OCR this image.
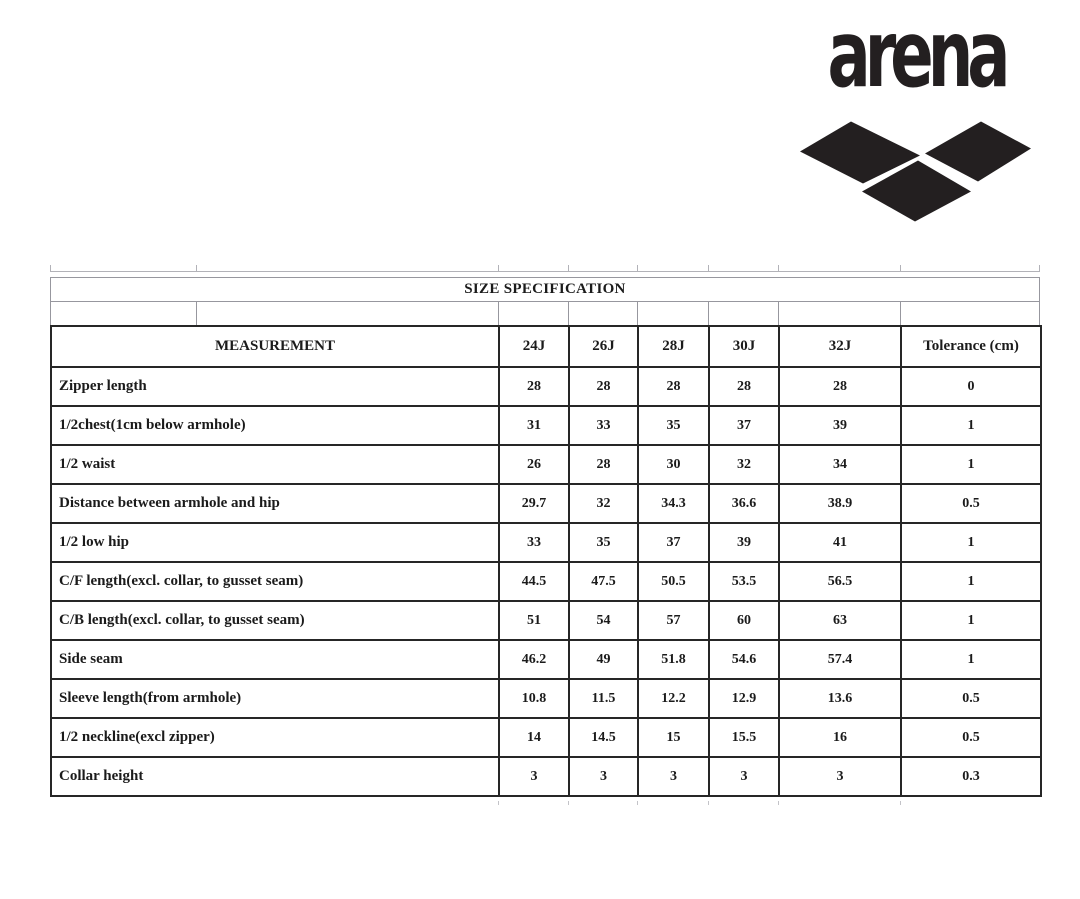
arena
SIZE SPECIFICATION
MEASUREMENT	24J	26J	28J	30J	32J	Tolerance (cm)
Zipper length	28	28	28	28	28	0
1/2chest(1cm below armhole)	31	33	35	37	39	1
1/2 waist	26	28	30	32	34	1
Distance between armhole and hip	29.7	32	34.3	36.6	38.9	0.5
1/2 low hip	33	35	37	39	41	1
C/F length(excl. collar, to gusset seam)	44.5	47.5	50.5	53.5	56.5	1
C/B length(excl. collar, to gusset seam)	51	54	57	60	63	1
Side seam	46.2	49	51.8	54.6	57.4	1
Sleeve length(from armhole)	10.8	11.5	12.2	12.9	13.6	0.5
1/2 neckline(excl zipper)	14	14.5	15	15.5	16	0.5
Collar height	3	3	3	3	3	0.3
